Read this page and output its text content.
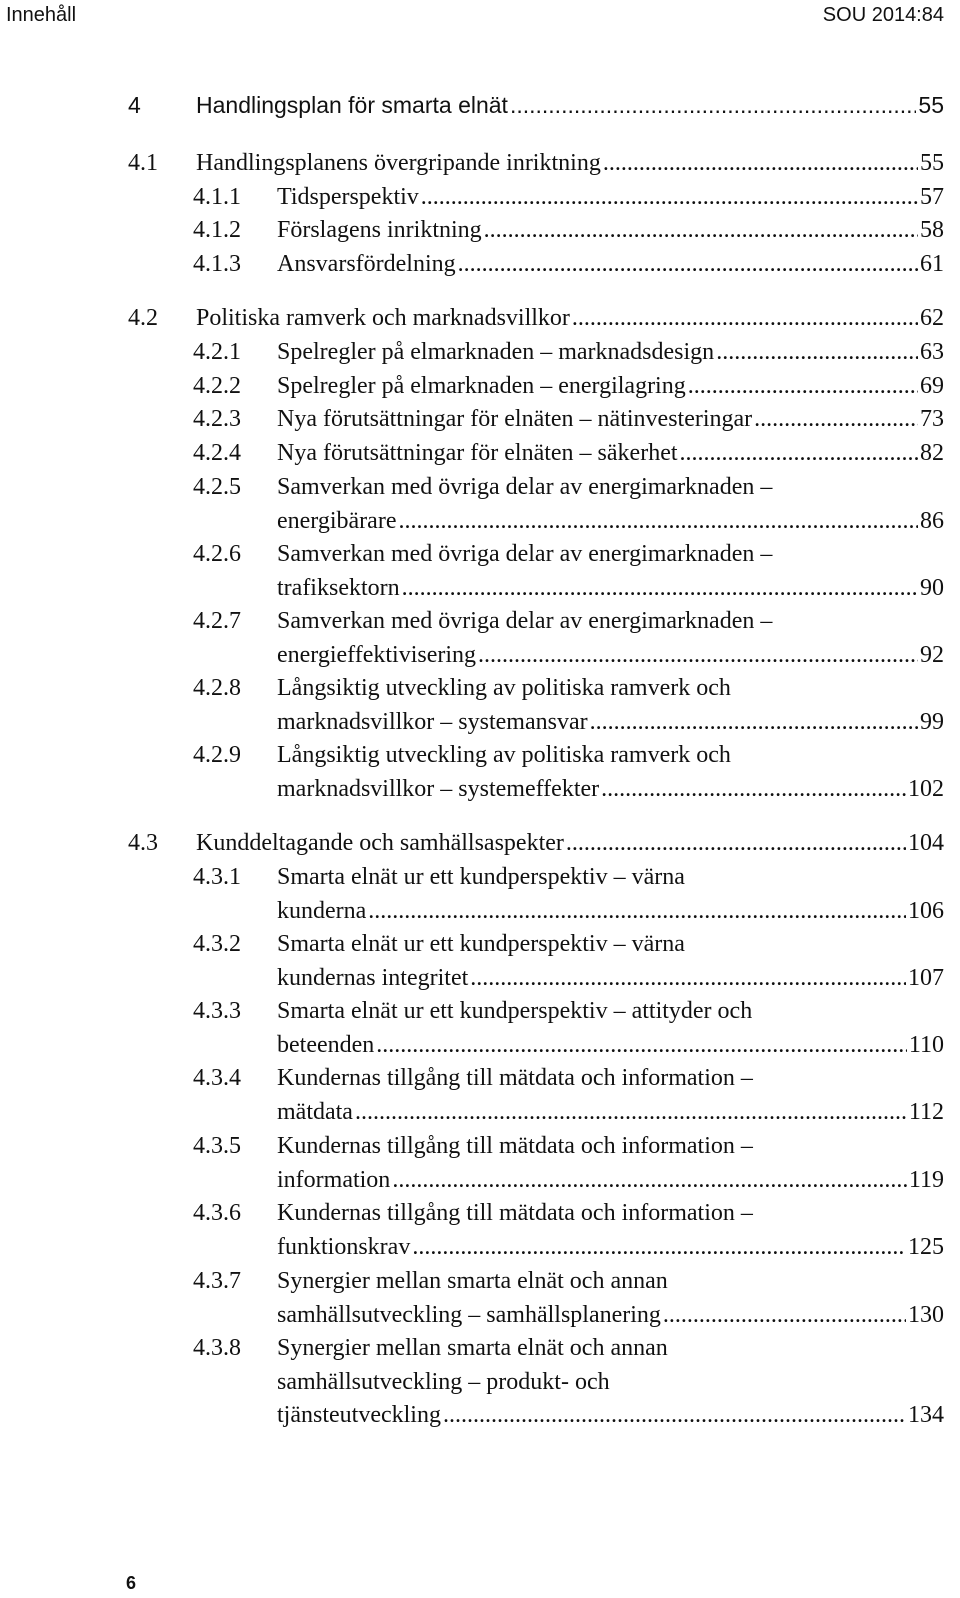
Innehåll	SOU 2014:84
4 Handlingsplan för smarta elnät .....	55
4.1 Handlingsplanens övergripande inriktning .....	55
4.1.1 Tidsperspektiv .....	57
4.1.2 Förslagens inriktning .....	58
4.1.3 Ansvarsfördelning .....	61
4.2 Politiska ramverk och marknadsvillkor .....	62
4.2.1 Spelregler på elmarknaden – marknadsdesign .....	63
4.2.2 Spelregler på elmarknaden – energilagring .....	69
4.2.3 Nya förutsättningar för elnäten – nätinvesteringar .....	73
4.2.4 Nya förutsättningar för elnäten – säkerhet .....	82
4.2.5 Samverkan med övriga delar av energimarknaden –
energibärare .....	86
4.2.6 Samverkan med övriga delar av energimarknaden –
trafiksektorn .....	90
4.2.7 Samverkan med övriga delar av energimarknaden –
energieffektivisering .....	92
4.2.8 Långsiktig utveckling av politiska ramverk och
marknadsvillkor – systemansvar .....	99
4.2.9 Långsiktig utveckling av politiska ramverk och
marknadsvillkor – systemeffekter .....	102
4.3 Kunddeltagande och samhällsaspekter .....	104
4.3.1 Smarta elnät ur ett kundperspektiv – värna
kunderna .....	106
4.3.2 Smarta elnät ur ett kundperspektiv – värna
kundernas integritet .....	107
4.3.3 Smarta elnät ur ett kundperspektiv – attityder och
beteenden .....	110
4.3.4 Kundernas tillgång till mätdata och information –
mätdata .....	112
4.3.5 Kundernas tillgång till mätdata och information –
information .....	119
4.3.6 Kundernas tillgång till mätdata och information –
funktionskrav .....	125
4.3.7 Synergier mellan smarta elnät och annan
samhällsutveckling – samhällsplanering .....	130
4.3.8 Synergier mellan smarta elnät och annan
samhällsutveckling – produkt- och
tjänsteutveckling .....	134
6
